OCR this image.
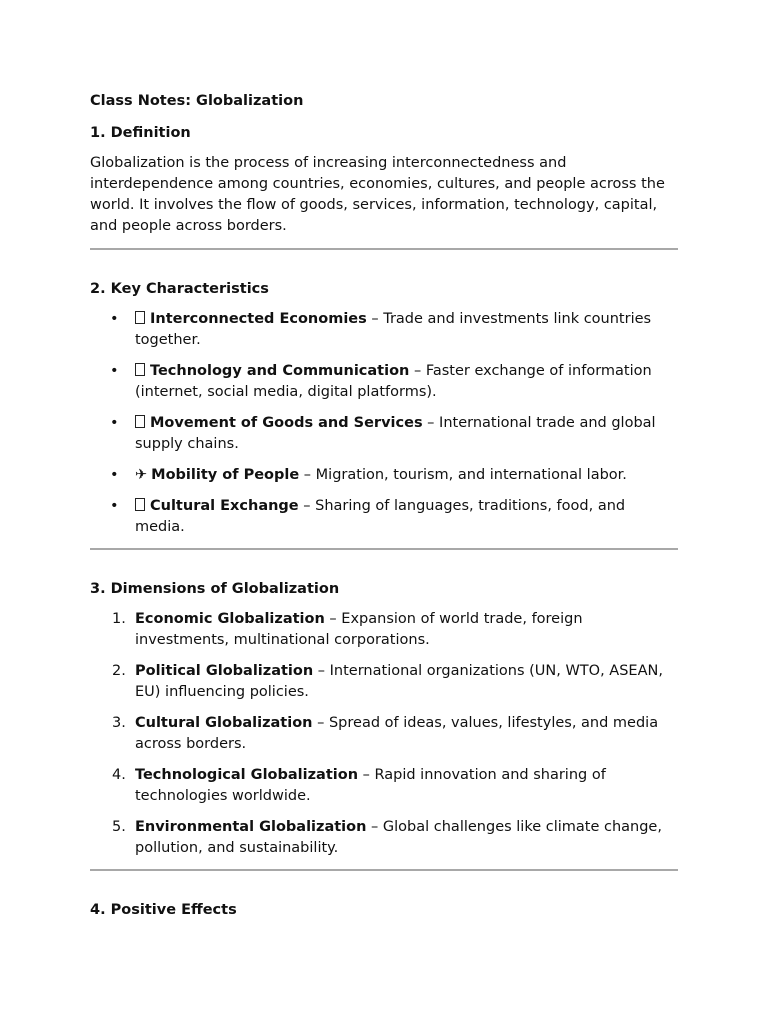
Class Notes: Globalization

1. Definition

Globalization is the process of increasing interconnectedness and interdependence among countries, economies, cultures, and people across the world. It involves the flow of goods, services, information, technology, capital, and people across borders.

2. Key Characteristics

• Interconnected Economies – Trade and investments link countries together.
• Technology and Communication – Faster exchange of information (internet, social media, digital platforms).
• Movement of Goods and Services – International trade and global supply chains.
• ✈ Mobility of People – Migration, tourism, and international labor.
• Cultural Exchange – Sharing of languages, traditions, food, and media.

3. Dimensions of Globalization

1. Economic Globalization – Expansion of world trade, foreign investments, multinational corporations.
2. Political Globalization – International organizations (UN, WTO, ASEAN, EU) influencing policies.
3. Cultural Globalization – Spread of ideas, values, lifestyles, and media across borders.
4. Technological Globalization – Rapid innovation and sharing of technologies worldwide.
5. Environmental Globalization – Global challenges like climate change, pollution, and sustainability.

4. Positive Effects
